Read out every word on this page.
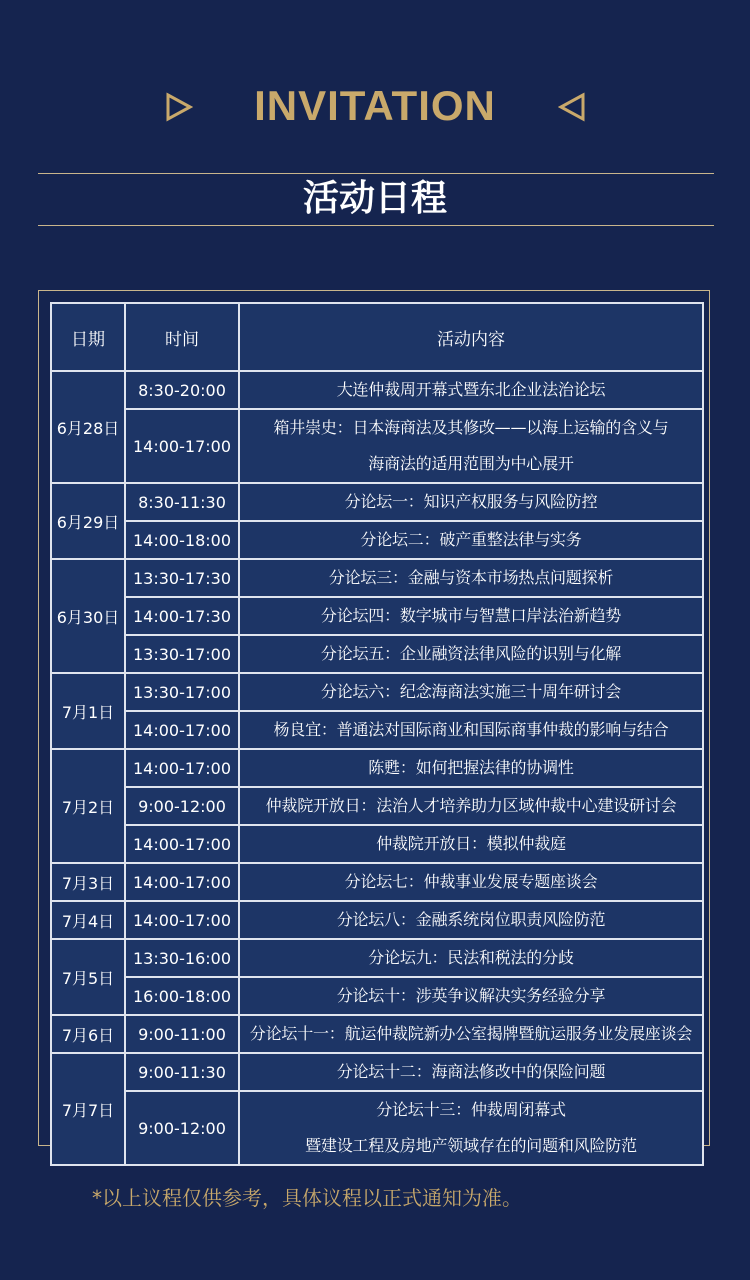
INVITATION
活动日程
日期	时间	活动内容
6月28日	8:30-20:00	大连仲裁周开幕式暨东北企业法治论坛

	14:00-17:00	箱井崇史：日本海商法及其修改——以海上运输的含义与
海商法的适用范围为中心展开

6月29日	8:30-11:30	分论坛一：知识产权服务与风险防控

	14:00-18:00	分论坛二：破产重整法律与实务

6月30日	13:30-17:30	分论坛三：金融与资本市场热点问题探析

	14:00-17:30	分论坛四：数字城市与智慧口岸法治新趋势

	13:30-17:00	分论坛五：企业融资法律风险的识别与化解

7月1日	13:30-17:00	分论坛六：纪念海商法实施三十周年研讨会

	14:00-17:00	杨良宜：普通法对国际商业和国际商事仲裁的影响与结合

7月2日	14:00-17:00	陈甦：如何把握法律的协调性

	9:00-12:00	仲裁院开放日：法治人才培养助力区域仲裁中心建设研讨会

	14:00-17:00	仲裁院开放日：模拟仲裁庭

7月3日	14:00-17:00	分论坛七：仲裁事业发展专题座谈会

7月4日	14:00-17:00	分论坛八：金融系统岗位职责风险防范

7月5日	13:30-16:00	分论坛九：民法和税法的分歧

	16:00-18:00	分论坛十：涉英争议解决实务经验分享

7月6日	9:00-11:00	分论坛十一：航运仲裁院新办公室揭牌暨航运服务业发展座谈会

7月7日	9:00-11:30	分论坛十二：海商法修改中的保险问题

	9:00-12:00	分论坛十三：仲裁周闭幕式
暨建设工程及房地产领域存在的问题和风险防范
*以上议程仅供参考，具体议程以正式通知为准。
